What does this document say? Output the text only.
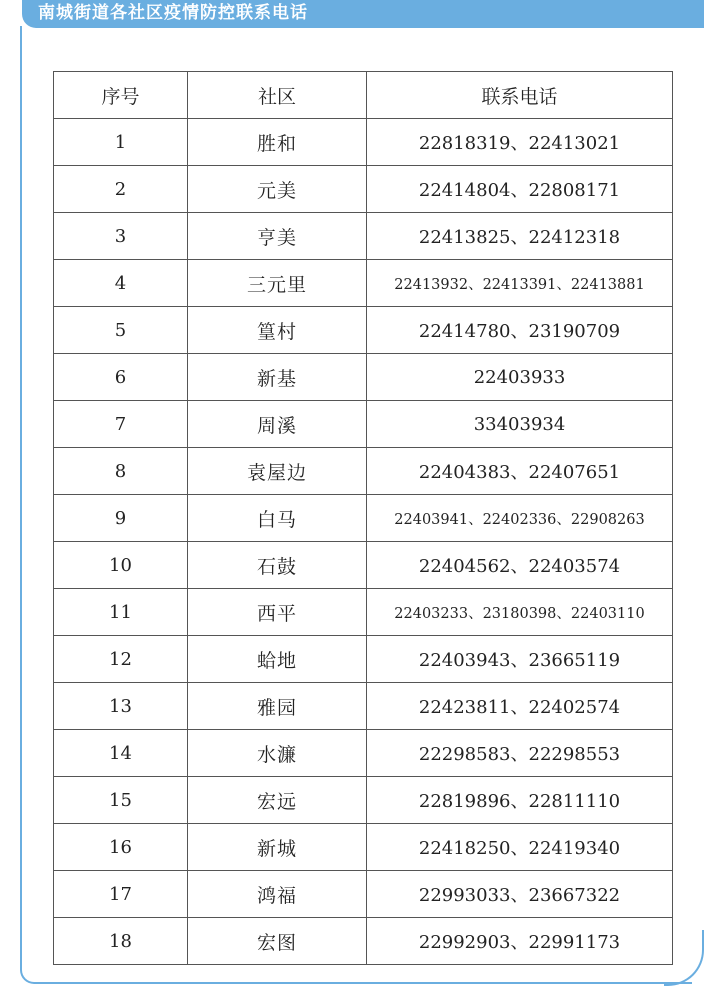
南城街道各社区疫情防控联系电话
序号	社区	联系电话
1	胜和	22818319、22413021
2	元美	22414804、22808171
3	亨美	22413825、22412318
4	三元里	22413932、22413391、22413881
5	篁村	22414780、23190709
6	新基	22403933
7	周溪	33403934
8	袁屋边	22404383、22407651
9	白马	22403941、22402336、22908263
10	石鼓	22404562、22403574
11	西平	22403233、23180398、22403110
12	蛤地	22403943、23665119
13	雅园	22423811、22402574
14	水濂	22298583、22298553
15	宏远	22819896、22811110
16	新城	22418250、22419340
17	鸿福	22993033、23667322
18	宏图	22992903、22991173
